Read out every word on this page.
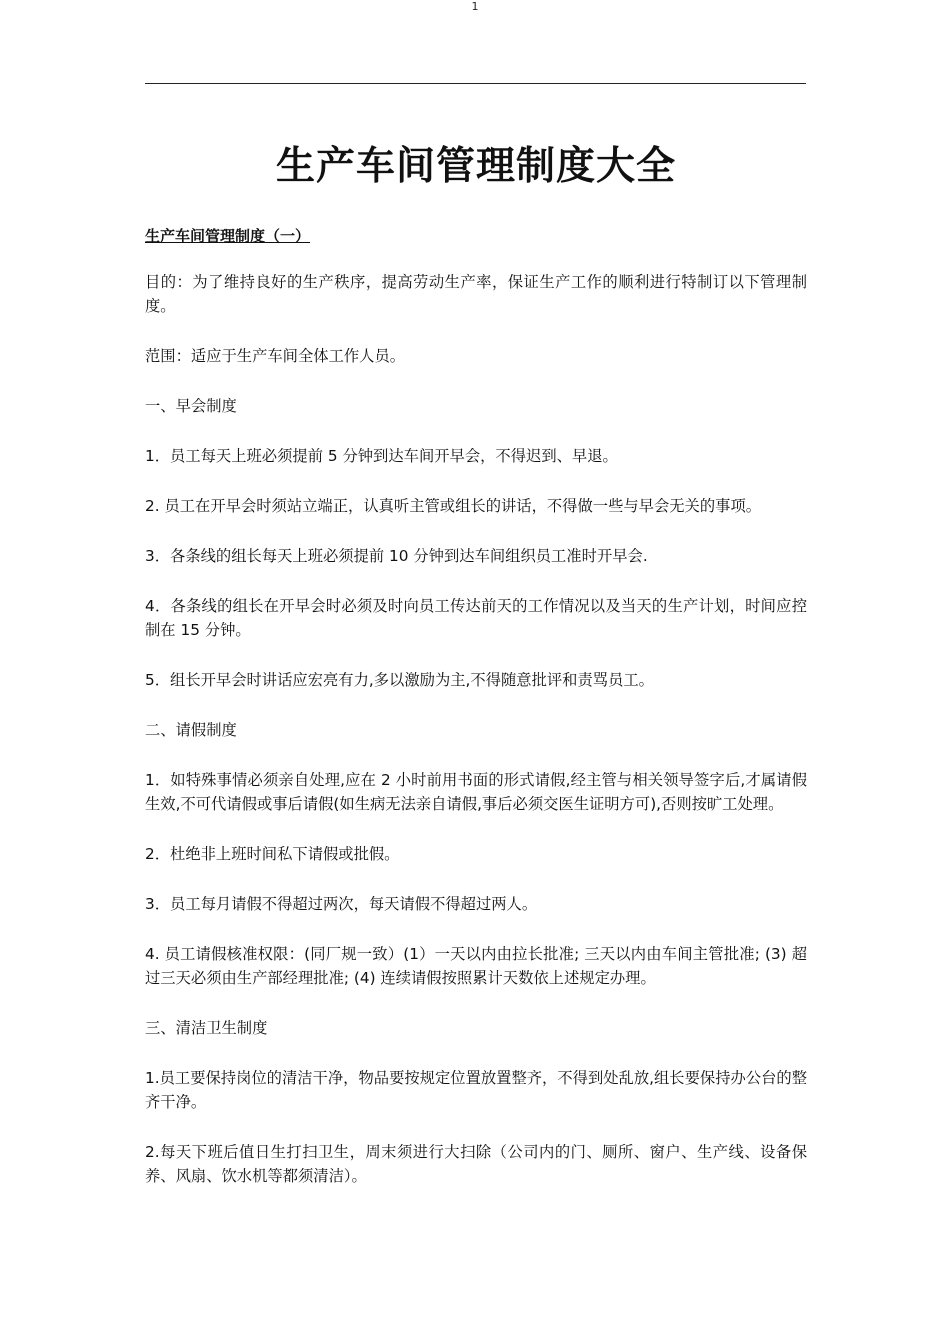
1
生产车间管理制度大全
生产车间管理制度（一）

目的：为了维持良好的生产秩序，提高劳动生产率，保证生产工作的顺利进行特制订以下管理制度。

范围：适应于生产车间全体工作人员。

一、早会制度

1．员工每天上班必须提前 5 分钟到达车间开早会，不得迟到、早退。

2. 员工在开早会时须站立端正，认真听主管或组长的讲话，不得做一些与早会无关的事项。

3．各条线的组长每天上班必须提前 10 分钟到达车间组织员工准时开早会.

4．各条线的组长在开早会时必须及时向员工传达前天的工作情况以及当天的生产计划，时间应控制在 15 分钟。

5．组长开早会时讲话应宏亮有力,多以激励为主,不得随意批评和责骂员工。

二、请假制度

1．如特殊事情必须亲自处理,应在 2 小时前用书面的形式请假,经主管与相关领导签字后,才属请假生效,不可代请假或事后请假(如生病无法亲自请假,事后必须交医生证明方可),否则按旷工处理。

2．杜绝非上班时间私下请假或批假。

3．员工每月请假不得超过两次，每天请假不得超过两人。

4. 员工请假核准权限：(同厂规一致）(1）一天以内由拉长批准; 三天以内由车间主管批准; (3) 超过三天必须由生产部经理批准; (4) 连续请假按照累计天数依上述规定办理。

三、清洁卫生制度

1.员工要保持岗位的清洁干净，物品要按规定位置放置整齐，不得到处乱放,组长要保持办公台的整齐干净。

2.每天下班后值日生打扫卫生，周末须进行大扫除（公司内的门、厕所、窗户、生产线、设备保养、风扇、饮水机等都须清洁）。
